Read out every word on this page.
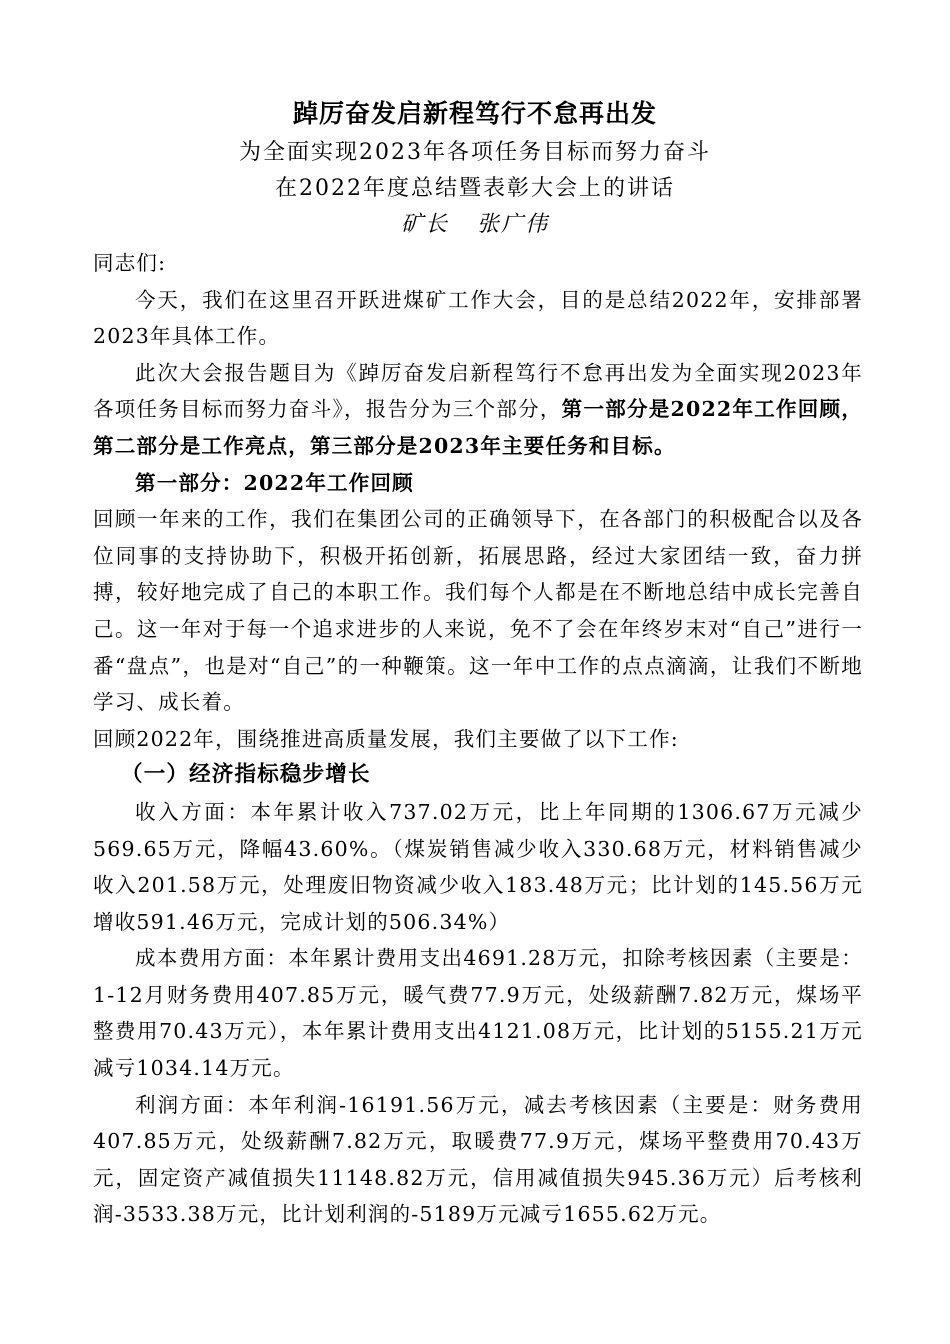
踔厉奋发启新程笃行不怠再出发
为全面实现2023年各项任务目标而努力奋斗
在2022年度总结暨表彰大会上的讲话
矿长 张广伟

同志们:

今天，我们在这里召开跃进煤矿工作大会，目的是总结2022年，安排部署2023年具体工作。

此次大会报告题目为《踔厉奋发启新程笃行不怠再出发为全面实现2023年各项任务目标而努力奋斗》，报告分为三个部分，第一部分是2022年工作回顾，第二部分是工作亮点，第三部分是2023年主要任务和目标。

第一部分：2022年工作回顾

回顾一年来的工作，我们在集团公司的正确领导下，在各部门的积极配合以及各位同事的支持协助下，积极开拓创新，拓展思路，经过大家团结一致，奋力拼搏，较好地完成了自己的本职工作。我们每个人都是在不断地总结中成长完善自己。这一年对于每一个追求进步的人来说，免不了会在年终岁末对“自己”进行一番“盘点”，也是对“自己”的一种鞭策。这一年中工作的点点滴滴，让我们不断地学习、成长着。

回顾2022年，围绕推进高质量发展，我们主要做了以下工作:

（一）经济指标稳步增长

收入方面：本年累计收入737.02万元，比上年同期的1306.67万元减少569.65万元，降幅43.60%。（煤炭销售减少收入330.68万元，材料销售减少收入201.58万元，处理废旧物资减少收入183.48万元；比计划的145.56万元增收591.46万元，完成计划的506.34%）

成本费用方面：本年累计费用支出4691.28万元，扣除考核因素（主要是：1-12月财务费用407.85万元，暖气费77.9万元，处级薪酬7.82万元，煤场平整费用70.43万元），本年累计费用支出4121.08万元，比计划的5155.21万元减亏1034.14万元。

利润方面：本年利润-16191.56万元，减去考核因素（主要是：财务费用407.85万元，处级薪酬7.82万元，取暖费77.9万元，煤场平整费用70.43万元，固定资产减值损失11148.82万元，信用减值损失945.36万元）后考核利润-3533.38万元，比计划利润的-5189万元减亏1655.62万元。
